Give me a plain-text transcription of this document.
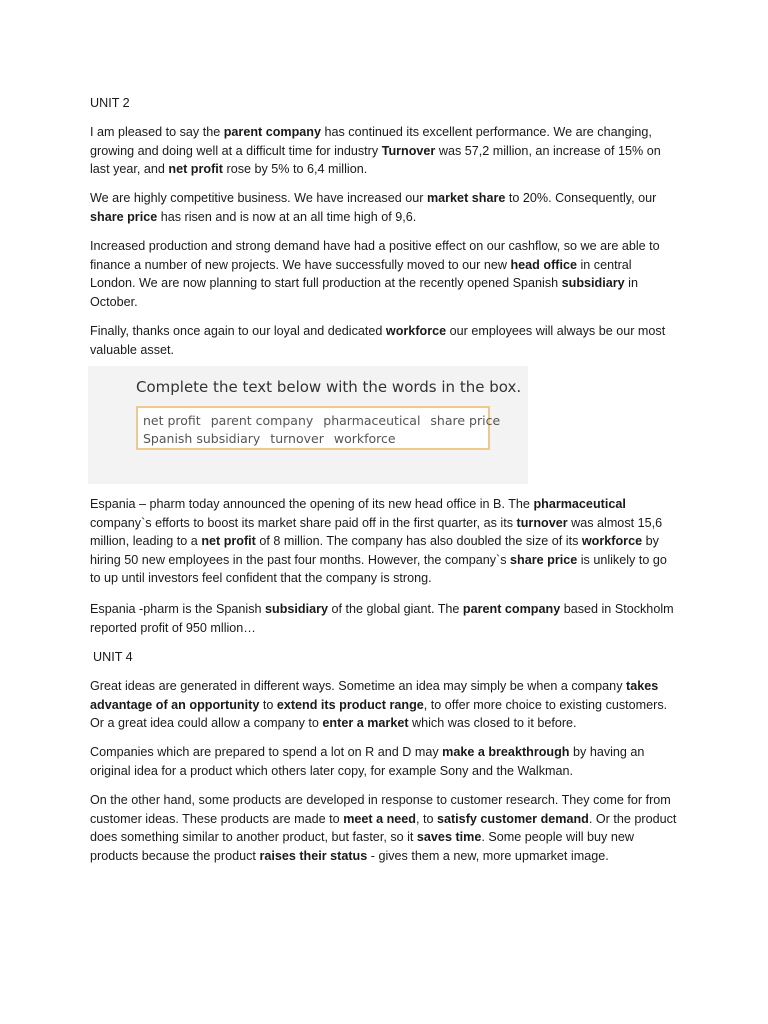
UNIT 2

I am pleased to say the parent company has continued its excellent performance. We are changing, growing and doing well at a difficult time for industry Turnover was 57,2 million, an increase of 15% on last year, and net profit rose by 5% to 6,4 million.

We are highly competitive business. We have increased our market share to 20%. Consequently, our share price has risen and is now at an all time high of 9,6.

Increased production and strong demand have had a positive effect on our cashflow, so we are able to finance a number of new projects. We have successfully moved to our new head office in central London. We are now planning to start full production at the recently opened Spanish subsidiary in October.

Finally, thanks once again to our loyal and dedicated workforce our employees will always be our most valuable asset.

Complete the text below with the words in the box.

net profit parent company pharmaceutical share price
Spanish subsidiary turnover workforce

Espania – pharm today announced the opening of its new head office in B. The pharmaceutical company`s efforts to boost its market share paid off in the first quarter, as its turnover was almost 15,6 million, leading to a net profit of 8 million. The company has also doubled the size of its workforce by hiring 50 new employees in the past four months. However, the company`s share price is unlikely to go to up until investors feel confident that the company is strong.

Espania -pharm is the Spanish subsidiary of the global giant. The parent company based in Stockholm reported profit of 950 mllion…

UNIT 4

Great ideas are generated in different ways. Sometime an idea may simply be when a company takes advantage of an opportunity to extend its product range, to offer more choice to existing customers. Or a great idea could allow a company to enter a market which was closed to it before.

Companies which are prepared to spend a lot on R and D may make a breakthrough by having an original idea for a product which others later copy, for example Sony and the Walkman.

On the other hand, some products are developed in response to customer research. They come for from customer ideas. These products are made to meet a need, to satisfy customer demand. Or the product does something similar to another product, but faster, so it saves time. Some people will buy new products because the product raises their status - gives them a new, more upmarket image.
